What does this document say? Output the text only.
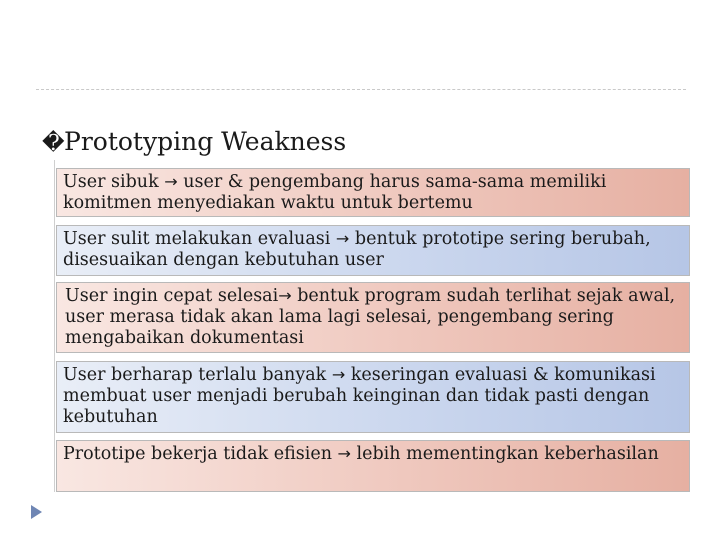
�Prototyping Weakness
User sibuk → user & pengembang harus sama-sama memiliki komitmen menyediakan waktu untuk bertemu
User sulit melakukan evaluasi → bentuk prototipe sering berubah, disesuaikan dengan kebutuhan user
User ingin cepat selesai→ bentuk program sudah terlihat sejak awal, user merasa tidak akan lama lagi selesai, pengembang sering mengabaikan dokumentasi
User berharap terlalu banyak → keseringan evaluasi & komunikasi membuat user menjadi berubah keinginan dan tidak pasti dengan kebutuhan
Prototipe bekerja tidak efisien → lebih mementingkan keberhasilan
